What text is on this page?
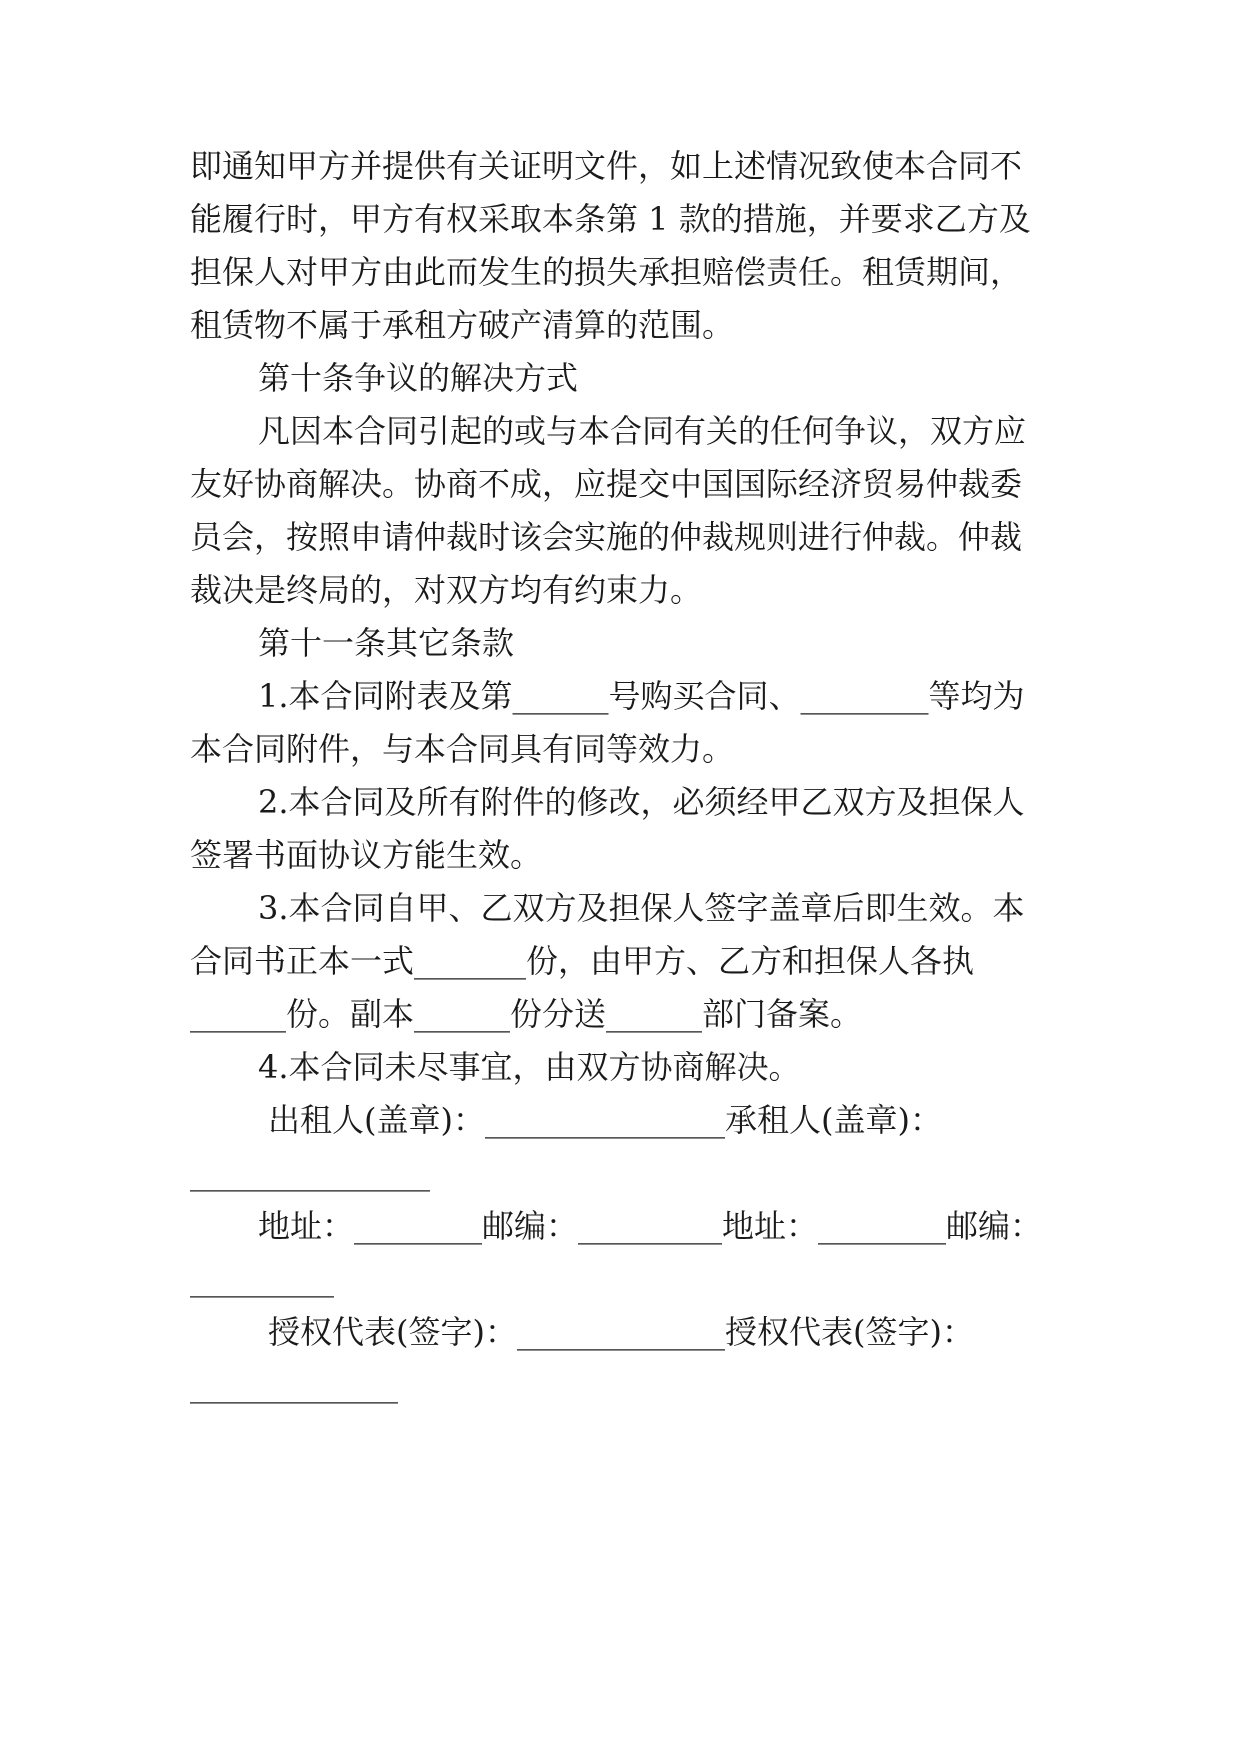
即通知甲方并提供有关证明文件，如上述情况致使本合同不
能履行时，甲方有权采取本条第 1 款的措施，并要求乙方及
担保人对甲方由此而发生的损失承担赔偿责任。租赁期间，
租赁物不属于承租方破产清算的范围。
第十条争议的解决方式
凡因本合同引起的或与本合同有关的任何争议，双方应
友好协商解决。协商不成，应提交中国国际经济贸易仲裁委
员会，按照申请仲裁时该会实施的仲裁规则进行仲裁。仲裁
裁决是终局的，对双方均有约束力。
第十一条其它条款
1.本合同附表及第______号购买合同、________等均为
本合同附件，与本合同具有同等效力。
2.本合同及所有附件的修改，必须经甲乙双方及担保人
签署书面协议方能生效。
3.本合同自甲、乙双方及担保人签字盖章后即生效。本
合同书正本一式_______份，由甲方、乙方和担保人各执
______份。副本______份分送______部门备案。
4.本合同未尽事宜，由双方协商解决。
出租人(盖章)：_______________承租人(盖章)：
_______________
地址：________邮编：_________地址：________邮编：
_________
授权代表(签字)：_____________授权代表(签字)：
_____________
